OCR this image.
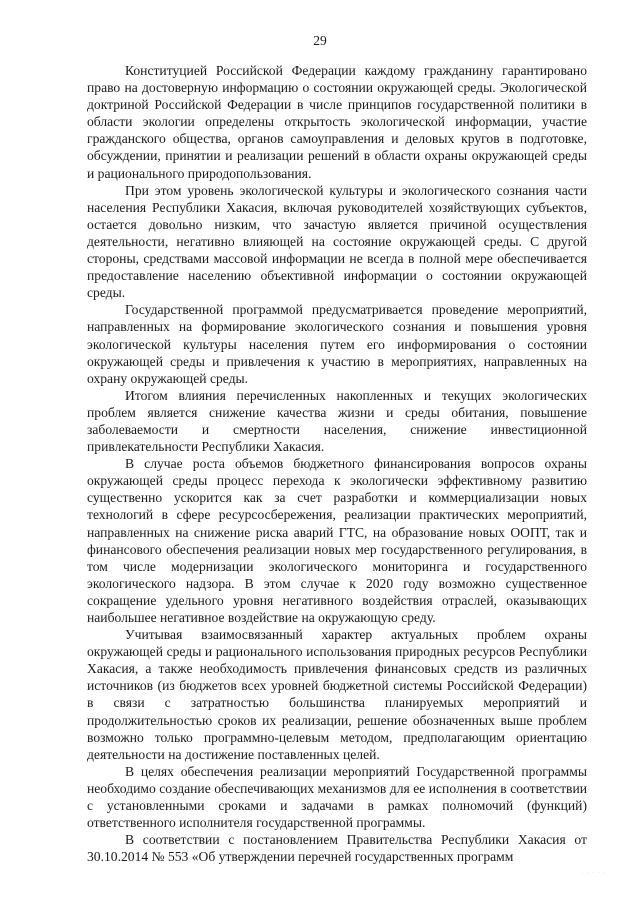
29

Конституцией Российской Федерации каждому гражданину гарантировано право на достоверную информацию о состоянии окружающей среды. Экологической доктриной Российской Федерации в числе принципов государственной политики в области экологии определены открытость экологической информации, участие гражданского общества, органов самоуправления и деловых кругов в подготовке, обсуждении, принятии и реализации решений в области охраны окружающей среды и рационального природопользования.

При этом уровень экологической культуры и экологического сознания части населения Республики Хакасия, включая руководителей хозяйствующих субъектов, остается довольно низким, что зачастую является причиной осуществления деятельности, негативно влияющей на состояние окружающей среды. С другой стороны, средствами массовой информации не всегда в полной мере обеспечивается предоставление населению объективной информации о состоянии окружающей среды.

Государственной программой предусматривается проведение мероприятий, направленных на формирование экологического сознания и повышения уровня экологической культуры населения путем его информирования о состоянии окружающей среды и привлечения к участию в мероприятиях, направленных на охрану окружающей среды.

Итогом влияния перечисленных накопленных и текущих экологических проблем является снижение качества жизни и среды обитания, повышение заболеваемости и смертности населения, снижение инвестиционной привлекательности Республики Хакасия.

В случае роста объемов бюджетного финансирования вопросов охраны окружающей среды процесс перехода к экологически эффективному развитию существенно ускорится как за счет разработки и коммерциализации новых технологий в сфере ресурсосбережения, реализации практических мероприятий, направленных на снижение риска аварий ГТС, на образование новых ООПТ, так и финансового обеспечения реализации новых мер государственного регулирования, в том числе модернизации экологического мониторинга и государственного экологического надзора. В этом случае к 2020 году возможно существенное сокращение удельного уровня негативного воздействия отраслей, оказывающих наибольшее негативное воздействие на окружающую среду.

Учитывая взаимосвязанный характер актуальных проблем охраны окружающей среды и рационального использования природных ресурсов Республики Хакасия, а также необходимость привлечения финансовых средств из различных источников (из бюджетов всех уровней бюджетной системы Российской Федерации) в связи с затратностью большинства планируемых мероприятий и продолжительностью сроков их реализации, решение обозначенных выше проблем возможно только программно-целевым методом, предполагающим ориентацию деятельности на достижение поставленных целей.

В целях обеспечения реализации мероприятий Государственной программы необходимо создание обеспечивающих механизмов для ее исполнения в соответствии с установленными сроками и задачами в рамках полномочий (функций) ответственного исполнителя государственной программы.

В соответствии с постановлением Правительства Республики Хакасия от 30.10.2014 № 553 «Об утверждении перечней государственных программ

· · · · ·
